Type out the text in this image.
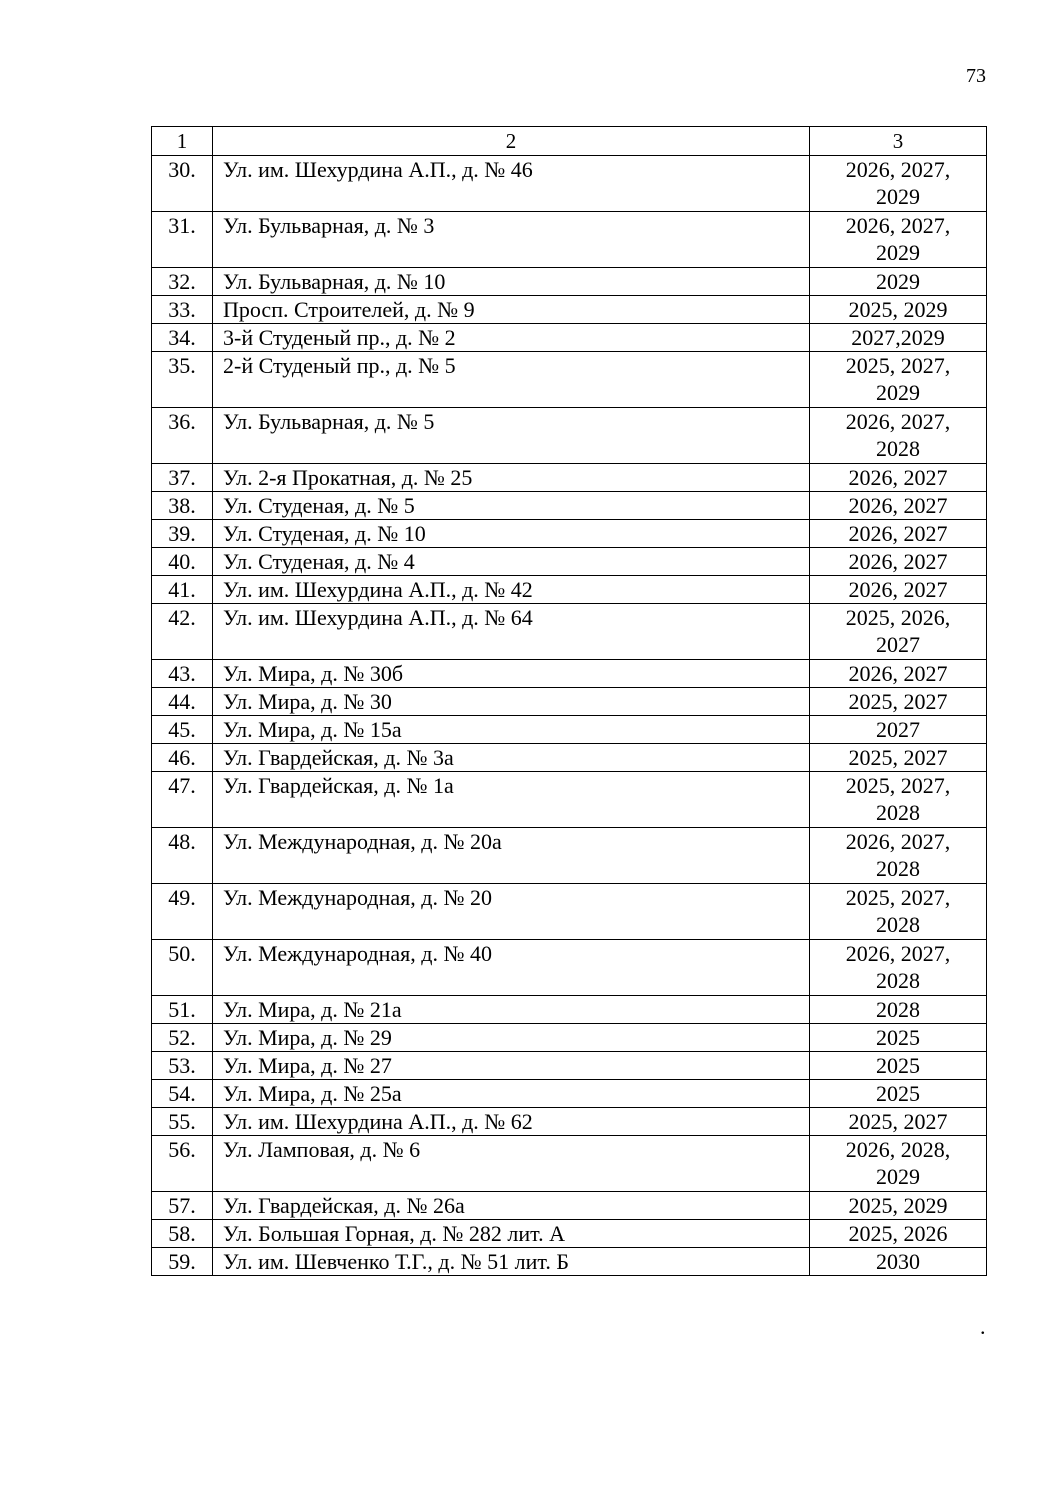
73
1	2	3
30.	Ул. им. Шехурдина А.П., д. № 46	2026, 2027,
2029
31.	Ул. Бульварная, д. № 3	2026, 2027,
2029
32.	Ул. Бульварная, д. № 10	2029
33.	Просп. Строителей, д. № 9	2025, 2029
34.	3-й Студеный пр., д. № 2	2027,2029
35.	2-й Студеный пр., д. № 5	2025, 2027,
2029
36.	Ул. Бульварная, д. № 5	2026, 2027,
2028
37.	Ул. 2-я Прокатная, д. № 25	2026, 2027
38.	Ул. Студеная, д. № 5	2026, 2027
39.	Ул. Студеная, д. № 10	2026, 2027
40.	Ул. Студеная, д. № 4	2026, 2027
41.	Ул. им. Шехурдина А.П., д. № 42	2026, 2027
42.	Ул. им. Шехурдина А.П., д. № 64	2025, 2026,
2027
43.	Ул. Мира, д. № 30б	2026, 2027
44.	Ул. Мира, д. № 30	2025, 2027
45.	Ул. Мира, д. № 15а	2027
46.	Ул. Гвардейская, д. № 3а	2025, 2027
47.	Ул. Гвардейская, д. № 1а	2025, 2027,
2028
48.	Ул. Международная, д. № 20а	2026, 2027,
2028
49.	Ул. Международная, д. № 20	2025, 2027,
2028
50.	Ул. Международная, д. № 40	2026, 2027,
2028
51.	Ул. Мира, д. № 21а	2028
52.	Ул. Мира, д. № 29	2025
53.	Ул. Мира, д. № 27	2025
54.	Ул. Мира, д. № 25а	2025
55.	Ул. им. Шехурдина А.П., д. № 62	2025, 2027
56.	Ул. Ламповая, д. № 6	2026, 2028,
2029
57.	Ул. Гвардейская, д. № 26а	2025, 2029
58.	Ул. Большая Горная, д. № 282 лит. А	2025, 2026
59.	Ул. им. Шевченко Т.Г., д. № 51 лит. Б	2030
.
